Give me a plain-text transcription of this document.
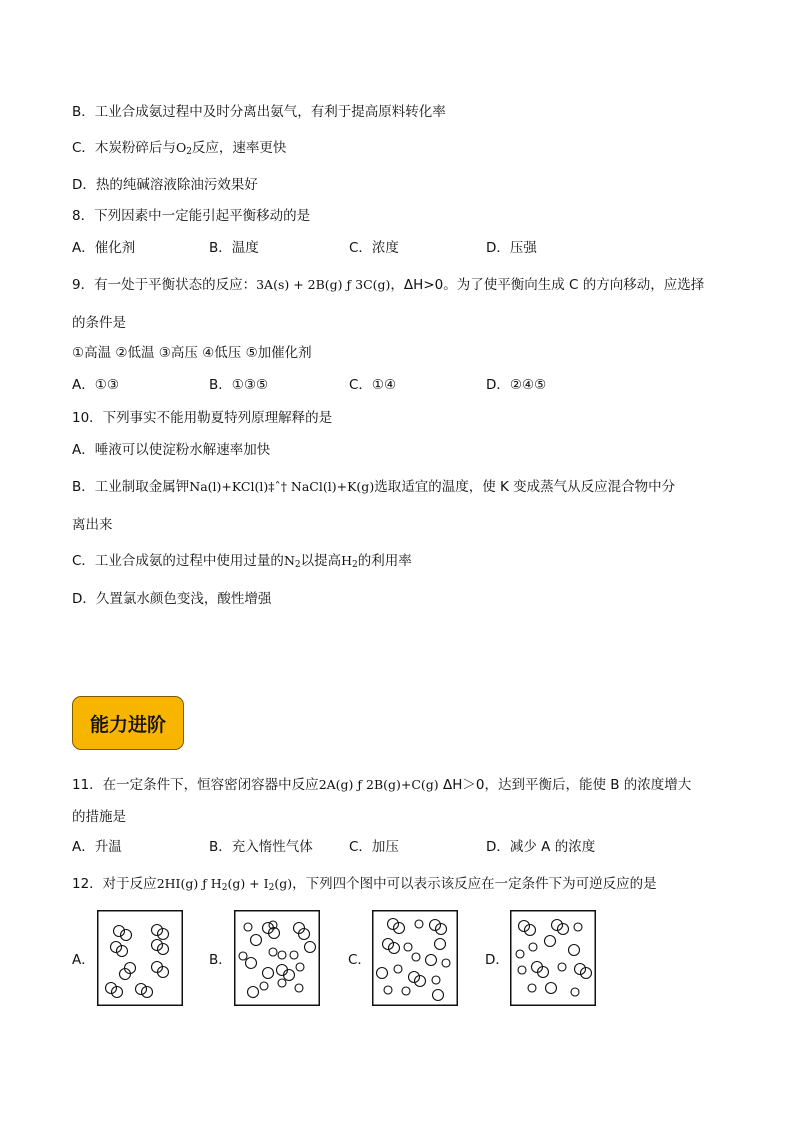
B．工业合成氨过程中及时分离出氨气，有利于提高原料转化率
C．木炭粉碎后与$O_2$反应，速率更快
D．热的纯碱溶液除油污效果好
8．下列因素中一定能引起平衡移动的是
A．催化剂	B．温度	C．浓度	D．压强
9．有一处于平衡状态的反应：3A(s) + 2B(g) ƒ 3C(g)，ΔH>0。为了使平衡向生成 C 的方向移动，应选择
的条件是
①高温 ②低温 ③高压 ④低压 ⑤加催化剂
A．①③	B．①③⑤	C．①④	D．②④⑤
10．下列事实不能用勒夏特列原理解释的是
A．唾液可以使淀粉水解速率加快
B．工业制取金属钾Na(l)+KCl(l)‡ˆ† NaCl(l)+K(g)选取适宜的温度，使 K 变成蒸气从反应混合物中分
离出来
C．工业合成氨的过程中使用过量的$N_2$以提高$H_2$的利用率
D．久置氯水颜色变浅，酸性增强
能力进阶
11．在一定条件下，恒容密闭容器中反应2A(g) ƒ 2B(g)+C(g) ΔH＞0，达到平衡后，能使 B 的浓度增大
的措施是
A．升温	B．充入惰性气体	C．加压	D．减少 A 的浓度
12．对于反应2HI(g) ƒ $H_2(g) + I_2(g)$，下列四个图中可以表示该反应在一定条件下为可逆反应的是
A．	B．	C．	D．
